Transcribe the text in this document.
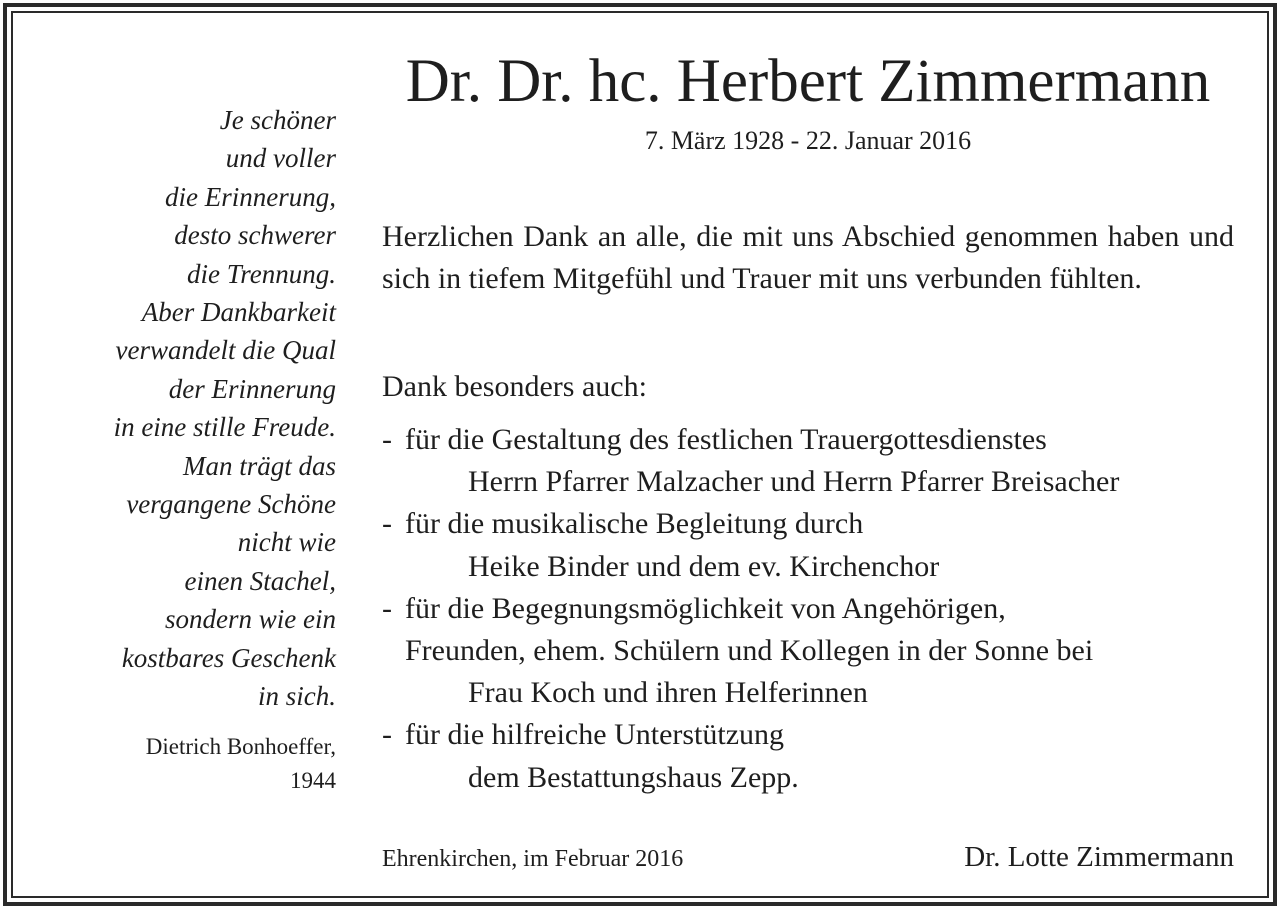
Je schöner
und voller
die Erinnerung,
desto schwerer
die Trennung.
Aber Dankbarkeit
verwandelt die Qual
der Erinnerung
in eine stille Freude.
Man trägt das
vergangene Schöne
nicht wie
einen Stachel,
sondern wie ein
kostbares Geschenk
in sich.
Dietrich Bonhoeffer,
1944
Dr. Dr. hc. Herbert Zimmermann
7. März 1928 - 22. Januar 2016

Herzlichen Dank an alle, die mit uns Abschied genommen haben und sich in tiefem Mitgefühl und Trauer mit uns verbunden fühlten.

Dank besonders auch:
- für die Gestaltung des festlichen Trauergottesdienstes
Herrn Pfarrer Malzacher und Herrn Pfarrer Breisacher
- für die musikalische Begleitung durch
Heike Binder und dem ev. Kirchenchor
- für die Begegnungsmöglichkeit von Angehörigen,
Freunden, ehem. Schülern und Kollegen in der Sonne bei
Frau Koch und ihren Helferinnen
- für die hilfreiche Unterstützung
dem Bestattungshaus Zepp.
Ehrenkirchen, im Februar 2016	Dr. Lotte Zimmermann
